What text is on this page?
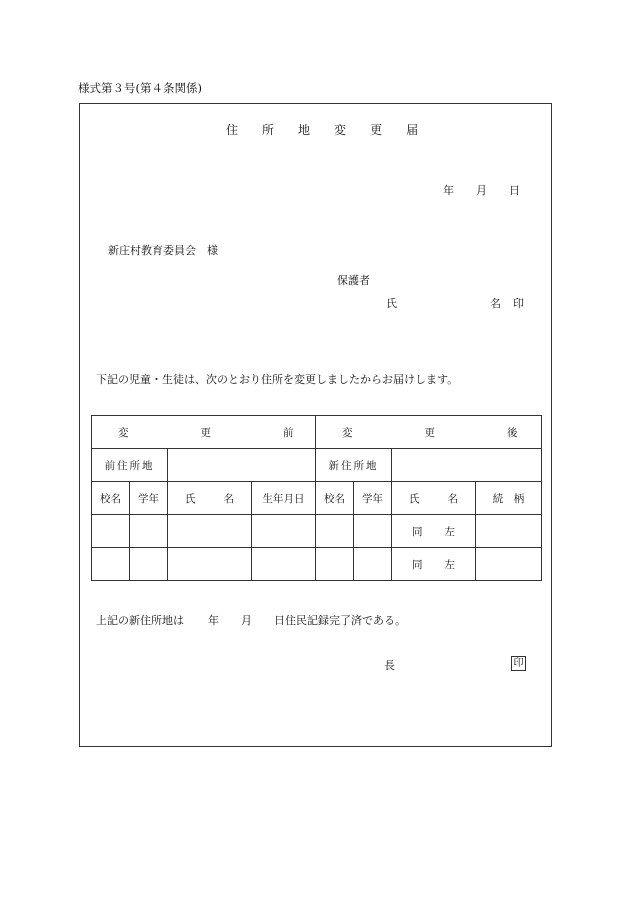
様式第３号(第４条関係)
住 所 地 変 更 届
年 月 日
新庄村教育委員会　様
保護者
氏	名 印
下記の児童・生徒は、次のとおり住所を変更しましたからお届けします。
変 更 前				変 更 後			
前住所地				新住所地			
校名	学年	氏 名	生年月日	校名	学年	氏 名	続　柄
						同 左	
						同 左	
上記の新住所地は 年 月 日住民記録完了済である。
長	印
